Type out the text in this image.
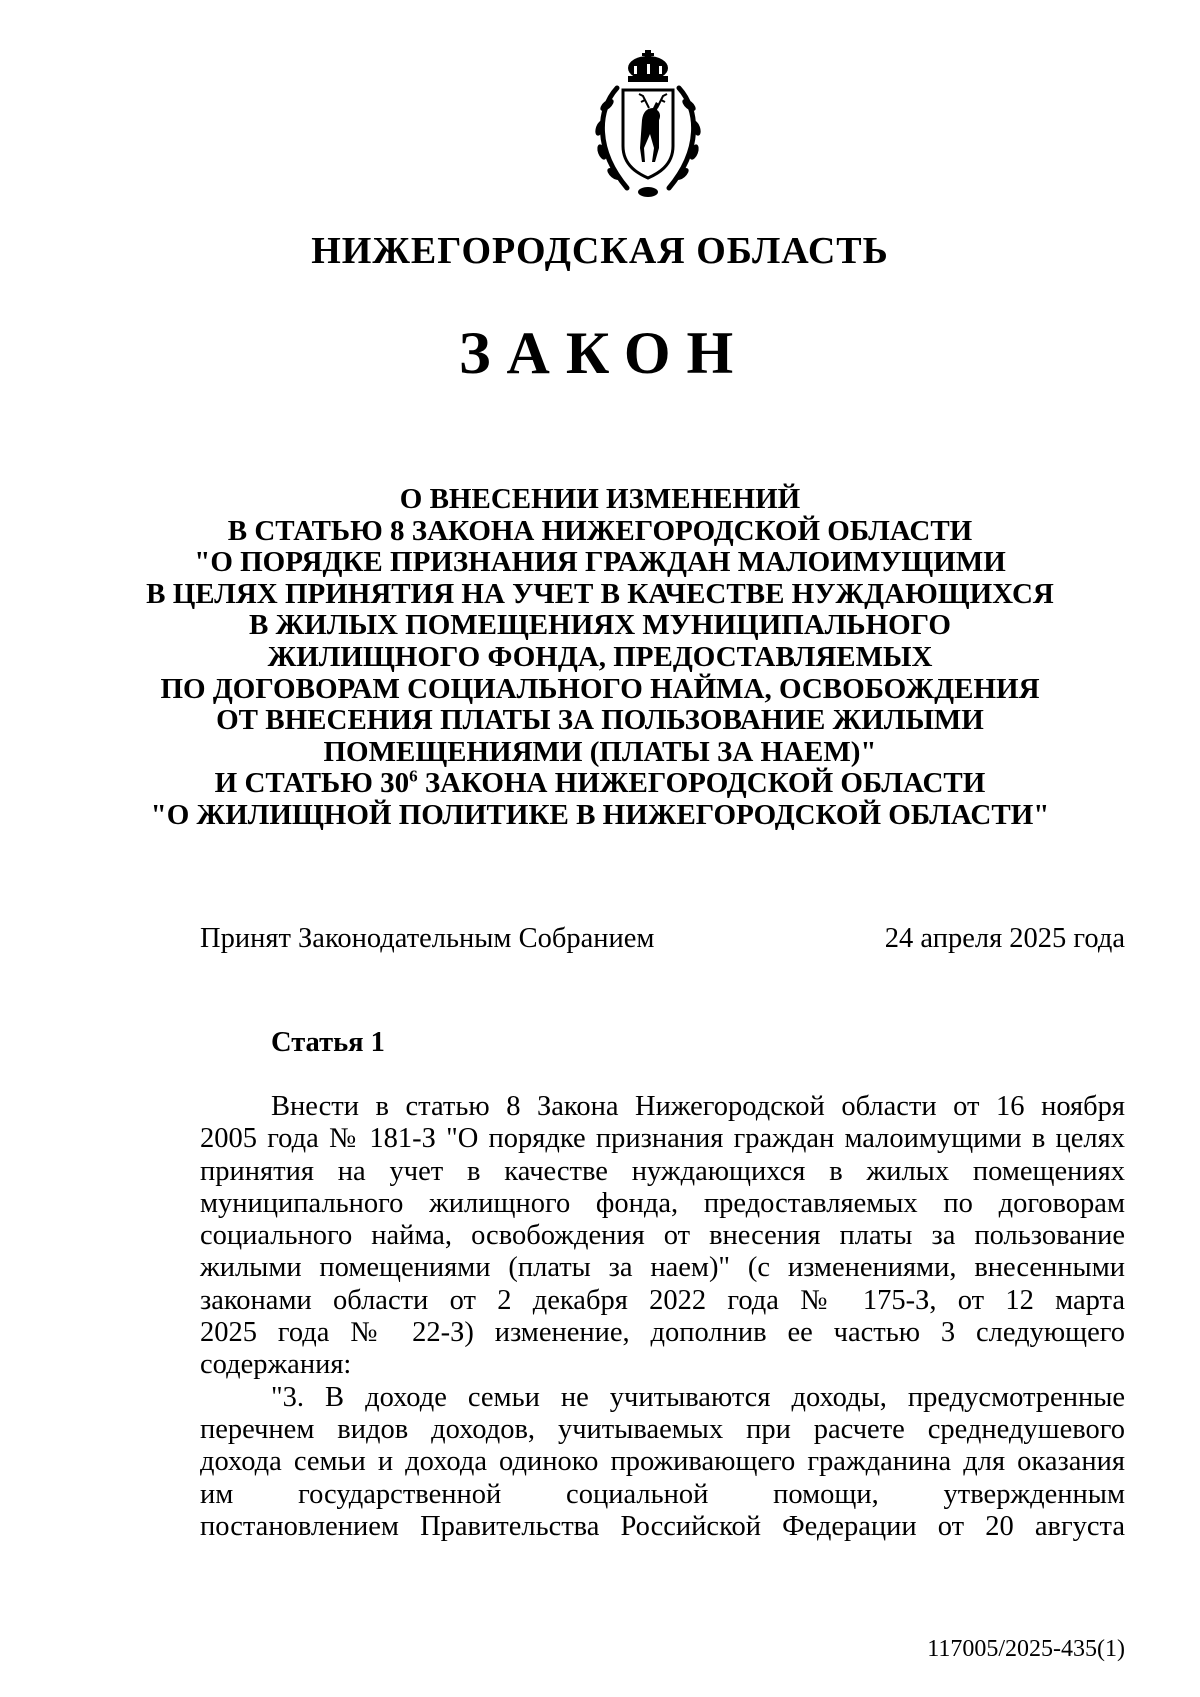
НИЖЕГОРОДСКАЯ ОБЛАСТЬ
ЗАКОН
О ВНЕСЕНИИ ИЗМЕНЕНИЙ
В СТАТЬЮ 8 ЗАКОНА НИЖЕГОРОДСКОЙ ОБЛАСТИ
"О ПОРЯДКЕ ПРИЗНАНИЯ ГРАЖДАН МАЛОИМУЩИМИ
В ЦЕЛЯХ ПРИНЯТИЯ НА УЧЕТ В КАЧЕСТВЕ НУЖДАЮЩИХСЯ
В ЖИЛЫХ ПОМЕЩЕНИЯХ МУНИЦИПАЛЬНОГО
ЖИЛИЩНОГО ФОНДА, ПРЕДОСТАВЛЯЕМЫХ
ПО ДОГОВОРАМ СОЦИАЛЬНОГО НАЙМА, ОСВОБОЖДЕНИЯ
ОТ ВНЕСЕНИЯ ПЛАТЫ ЗА ПОЛЬЗОВАНИЕ ЖИЛЫМИ
ПОМЕЩЕНИЯМИ (ПЛАТЫ ЗА НАЕМ)"
И СТАТЬЮ $30^6$ ЗАКОНА НИЖЕГОРОДСКОЙ ОБЛАСТИ
"О ЖИЛИЩНОЙ ПОЛИТИКЕ В НИЖЕГОРОДСКОЙ ОБЛАСТИ"
Принят Законодательным Собранием	24 апреля 2025 года
Статья 1
Внести в статью 8 Закона Нижегородской области от 16 ноября
2005 года № 181-З "О порядке признания граждан малоимущими в целях
принятия на учет в качестве нуждающихся в жилых помещениях
муниципального жилищного фонда, предоставляемых по договорам
социального найма, освобождения от внесения платы за пользование
жилыми помещениями (платы за наем)" (с изменениями, внесенными
законами области от 2 декабря 2022 года № 175-З, от 12 марта
2025 года № 22-З) изменение, дополнив ее частью 3 следующего
содержания:
"3. В доходе семьи не учитываются доходы, предусмотренные
перечнем видов доходов, учитываемых при расчете среднедушевого
дохода семьи и дохода одиноко проживающего гражданина для оказания
им государственной социальной помощи, утвержденным
постановлением Правительства Российской Федерации от 20 августа
117005/2025-435(1)
